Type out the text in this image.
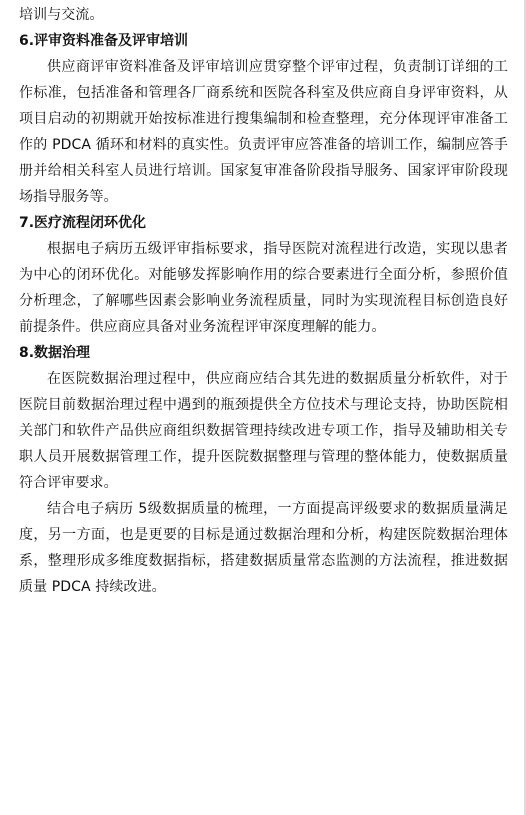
培训与交流。

6.评审资料准备及评审培训

供应商评审资料准备及评审培训应贯穿整个评审过程，负责制订详细的工作标准，包括准备和管理各厂商系统和医院各科室及供应商自身评审资料，从项目启动的初期就开始按标准进行搜集编制和检查整理，充分体现评审准备工作的 PDCA 循环和材料的真实性。负责评审应答准备的培训工作，编制应答手册并给相关科室人员进行培训。国家复审准备阶段指导服务、国家评审阶段现场指导服务等。

7.医疗流程闭环优化

根据电子病历五级评审指标要求，指导医院对流程进行改造，实现以患者为中心的闭环优化。对能够发挥影响作用的综合要素进行全面分析，参照价值分析理念，了解哪些因素会影响业务流程质量，同时为实现流程目标创造良好前提条件。供应商应具备对业务流程评审深度理解的能力。

8.数据治理

在医院数据治理过程中，供应商应结合其先进的数据质量分析软件，对于医院目前数据治理过程中遇到的瓶颈提供全方位技术与理论支持，协助医院相关部门和软件产品供应商组织数据管理持续改进专项工作，指导及辅助相关专职人员开展数据管理工作，提升医院数据整理与管理的整体能力，使数据质量符合评审要求。

结合电子病历 5级数据质量的梳理，一方面提高评级要求的数据质量满足度，另一方面，也是更要的目标是通过数据治理和分析，构建医院数据治理体系，整理形成多维度数据指标，搭建数据质量常态监测的方法流程，推进数据质量 PDCA 持续改进。
